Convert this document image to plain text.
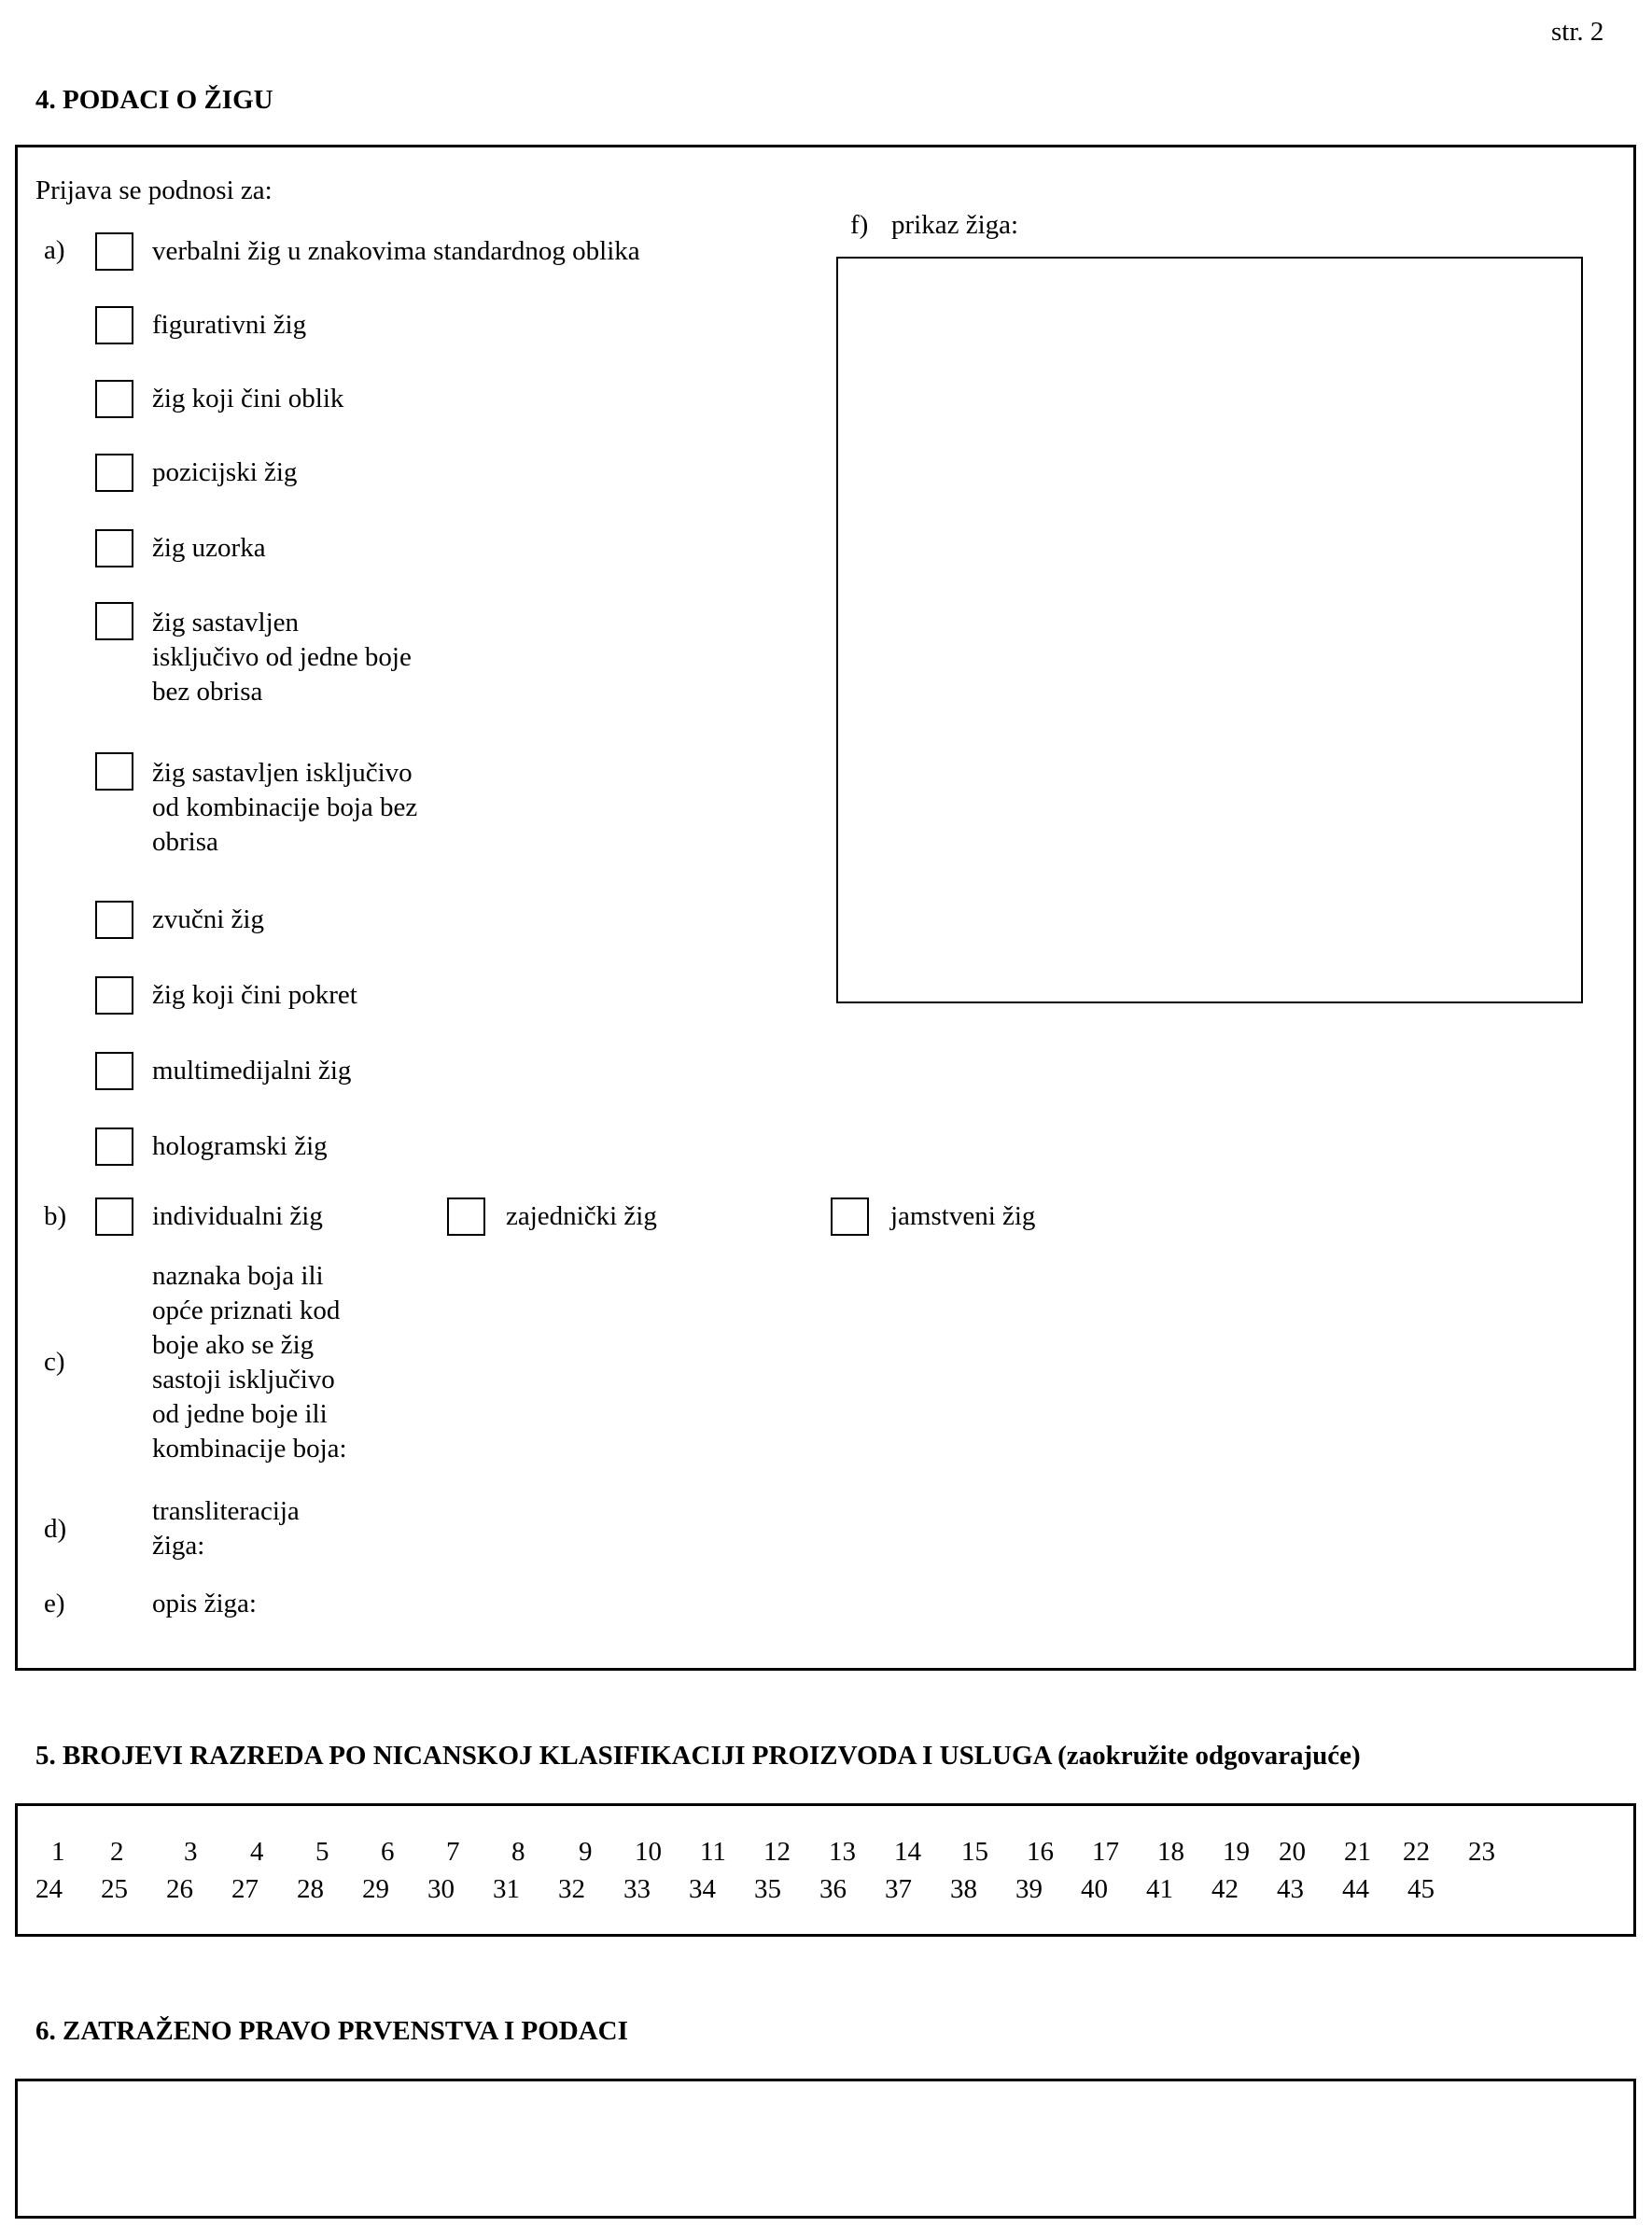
str. 2
4. PODACI O ŽIGU
Prijava se podnosi za:
a)	verbalni žig u znakovima standardnog oblika
figurativni žig
žig koji čini oblik
pozicijski žig
žig uzorka
žig sastavljen
isključivo od jedne boje
bez obrisa
žig sastavljen isključivo
od kombinacije boja bez
obrisa
zvučni žig
žig koji čini pokret
multimedijalni žig
hologramski žig
b)	individualni žig	zajednički žig	jamstveni žig
c)
naznaka boja ili
opće priznati kod
boje ako se žig
sastoji isključivo
od jedne boje ili
kombinacije boja:
d)
transliteracija
žiga:
e)	opis žiga:
f) prikaz žiga:
5. BROJEVI RAZREDA PO NICANSKOJ KLASIFIKACIJI PROIZVODA I USLUGA (zaokružite odgovarajuće)
1 2 3 4 5 6 7 8 9 10 11 12 13 14 15 16 17 18 19 20 21 22 23
24 25 26 27 28 29 30 31 32 33 34 35 36 37 38 39 40 41 42 43 44 45
6. ZATRAŽENO PRAVO PRVENSTVA I PODACI
